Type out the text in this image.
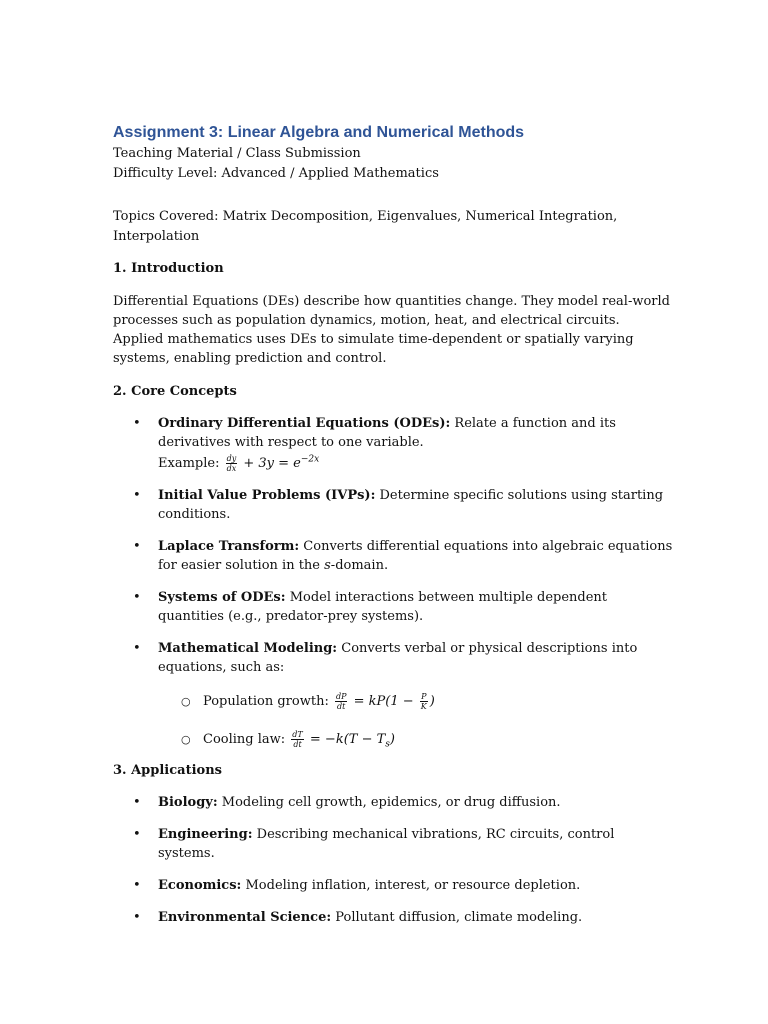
Assignment 3: Linear Algebra and Numerical Methods

Teaching Material / Class Submission

Difficulty Level: Advanced / Applied Mathematics

Topics Covered: Matrix Decomposition, Eigenvalues, Numerical Integration, Interpolation

1. Introduction

Differential Equations (DEs) describe how quantities change. They model real-world processes such as population dynamics, motion, heat, and electrical circuits. Applied mathematics uses DEs to simulate time-dependent or spatially varying systems, enabling prediction and control.

2. Core Concepts

• Ordinary Differential Equations (ODEs): Relate a function and its derivatives with respect to one variable.
Example: $\frac{dy}{dx} + 3y = e^{-2x}$
• Initial Value Problems (IVPs): Determine specific solutions using starting conditions.
• Laplace Transform: Converts differential equations into algebraic equations for easier solution in the s-domain.
• Systems of ODEs: Model interactions between multiple dependent quantities (e.g., predator-prey systems).
• Mathematical Modeling: Converts verbal or physical descriptions into equations, such as:
○ Population growth: $\frac{dP}{dt} = kP(1 - \frac{P}{K}$ )
○ Cooling law: $\frac{dT}{dt} = -k(T - T_s)$

3. Applications

• Biology: Modeling cell growth, epidemics, or drug diffusion.
• Engineering: Describing mechanical vibrations, RC circuits, control systems.
• Economics: Modeling inflation, interest, or resource depletion.
• Environmental Science: Pollutant diffusion, climate modeling.
